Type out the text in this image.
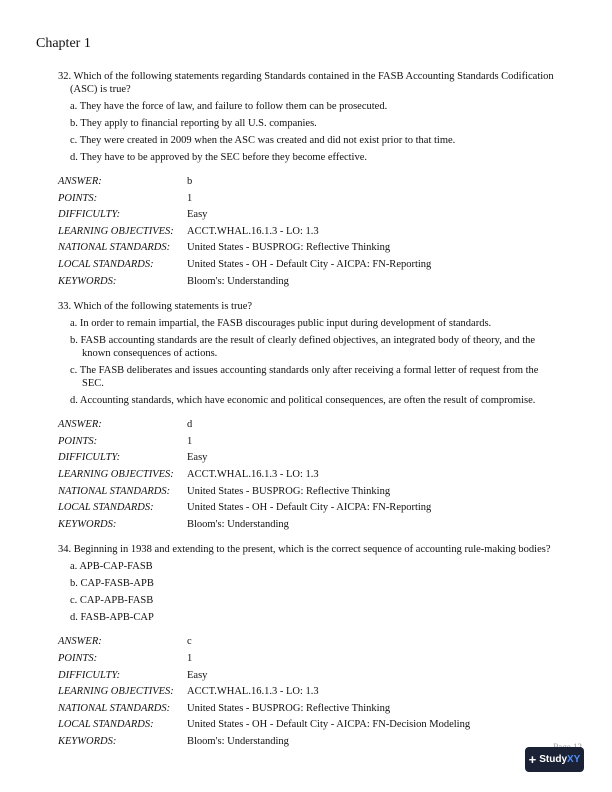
Chapter 1
32. Which of the following statements regarding Standards contained in the FASB Accounting Standards Codification (ASC) is true?
a. They have the force of law, and failure to follow them can be prosecuted.
b. They apply to financial reporting by all U.S. companies.
c. They were created in 2009 when the ASC was created and did not exist prior to that time.
d. They have to be approved by the SEC before they become effective.
ANSWER:	b
POINTS:	1
DIFFICULTY:	Easy
LEARNING OBJECTIVES:	ACCT.WHAL.16.1.3 - LO: 1.3
NATIONAL STANDARDS:	United States - BUSPROG: Reflective Thinking
LOCAL STANDARDS:	United States - OH - Default City - AICPA: FN-Reporting
KEYWORDS:	Bloom's: Understanding
33. Which of the following statements is true?
a. In order to remain impartial, the FASB discourages public input during development of standards.
b. FASB accounting standards are the result of clearly defined objectives, an integrated body of theory, and the known consequences of actions.
c. The FASB deliberates and issues accounting standards only after receiving a formal letter of request from the SEC.
d. Accounting standards, which have economic and political consequences, are often the result of compromise.
ANSWER:	d
POINTS:	1
DIFFICULTY:	Easy
LEARNING OBJECTIVES:	ACCT.WHAL.16.1.3 - LO: 1.3
NATIONAL STANDARDS:	United States - BUSPROG: Reflective Thinking
LOCAL STANDARDS:	United States - OH - Default City - AICPA: FN-Reporting
KEYWORDS:	Bloom's: Understanding
34. Beginning in 1938 and extending to the present, which is the correct sequence of accounting rule-making bodies?
a. APB-CAP-FASB
b. CAP-FASB-APB
c. CAP-APB-FASB
d. FASB-APB-CAP
ANSWER:	c
POINTS:	1
DIFFICULTY:	Easy
LEARNING OBJECTIVES:	ACCT.WHAL.16.1.3 - LO: 1.3
NATIONAL STANDARDS:	United States - BUSPROG: Reflective Thinking
LOCAL STANDARDS:	United States - OH - Default City - AICPA: FN-Decision Modeling
KEYWORDS:	Bloom's: Understanding
+ Study XY
